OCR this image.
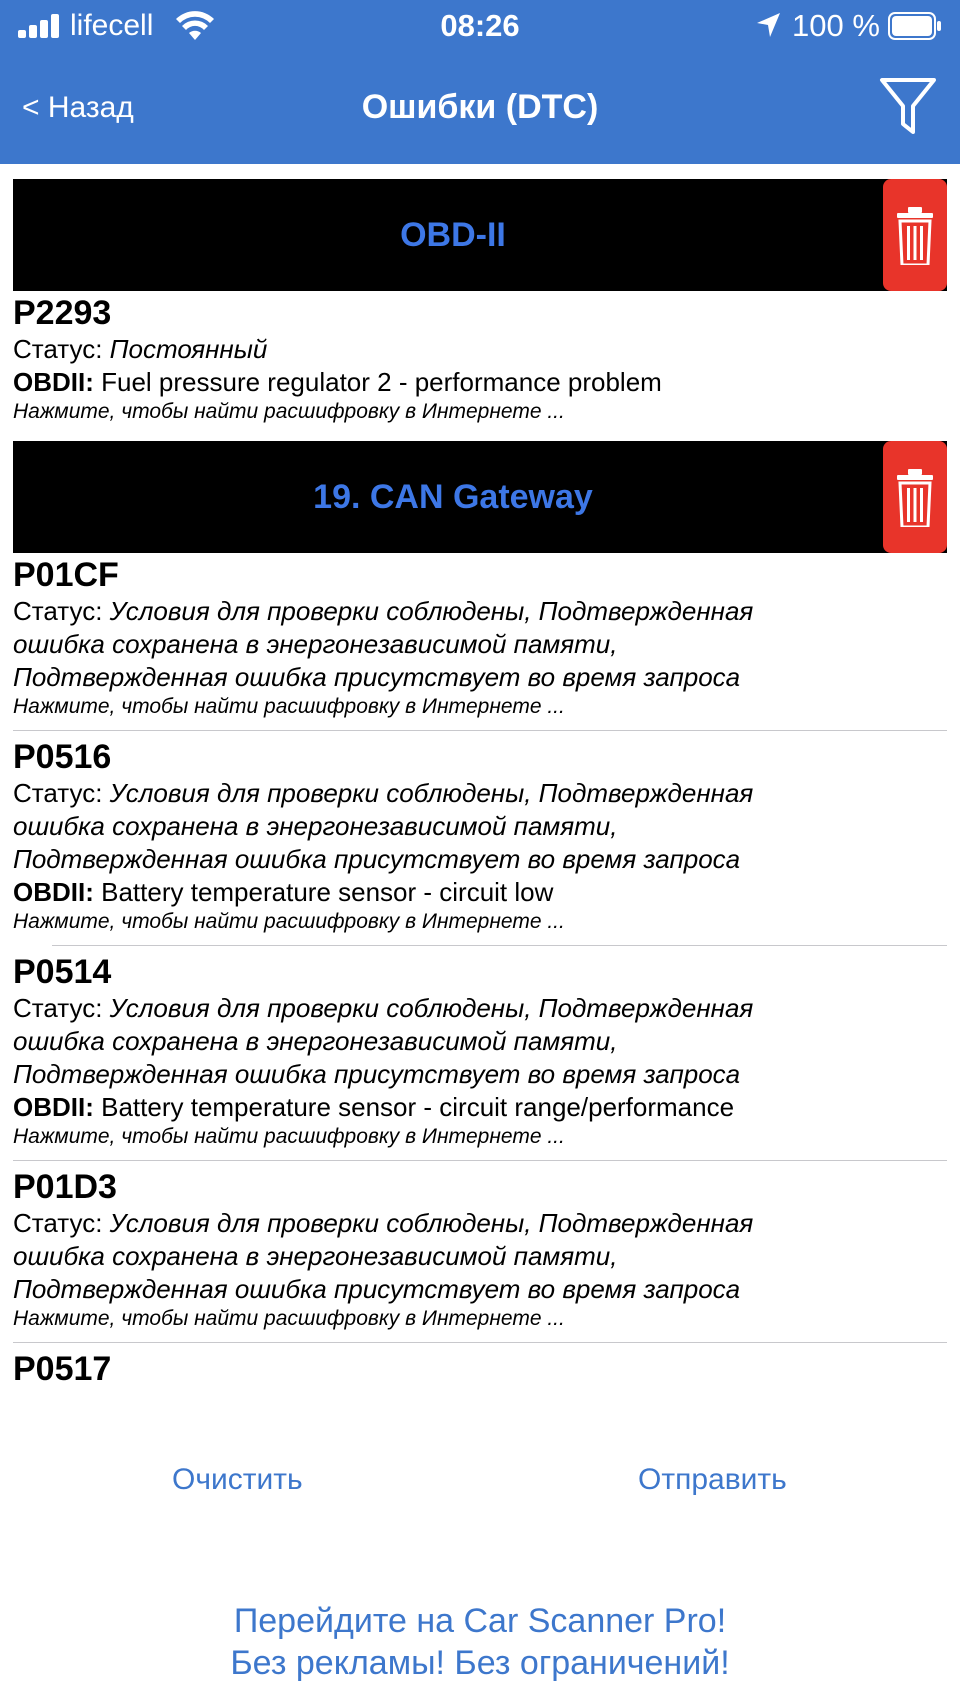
lifecell	08:26	100 %
< Назад	Ошибки (DTC)
OBD-II
P2293
Статус: Постоянный
OBDII: Fuel pressure regulator 2 - performance problem
Нажмите, чтобы найти расшифровку в Интернете ...
19. CAN Gateway
P01CF
Статус: Условия для проверки соблюдены, Подтвержденная
ошибка сохранена в энергонезависимой памяти,
Подтвержденная ошибка присутствует во время запроса
Нажмите, чтобы найти расшифровку в Интернете ...
P0516
Статус: Условия для проверки соблюдены, Подтвержденная
ошибка сохранена в энергонезависимой памяти,
Подтвержденная ошибка присутствует во время запроса
OBDII: Battery temperature sensor - circuit low
Нажмите, чтобы найти расшифровку в Интернете ...
P0514
Статус: Условия для проверки соблюдены, Подтвержденная
ошибка сохранена в энергонезависимой памяти,
Подтвержденная ошибка присутствует во время запроса
OBDII: Battery temperature sensor - circuit range/performance
Нажмите, чтобы найти расшифровку в Интернете ...
P01D3
Статус: Условия для проверки соблюдены, Подтвержденная
ошибка сохранена в энергонезависимой памяти,
Подтвержденная ошибка присутствует во время запроса
Нажмите, чтобы найти расшифровку в Интернете ...
P0517
Очистить	Отправить
Перейдите на Car Scanner Pro!
Без рекламы! Без ограничений!
